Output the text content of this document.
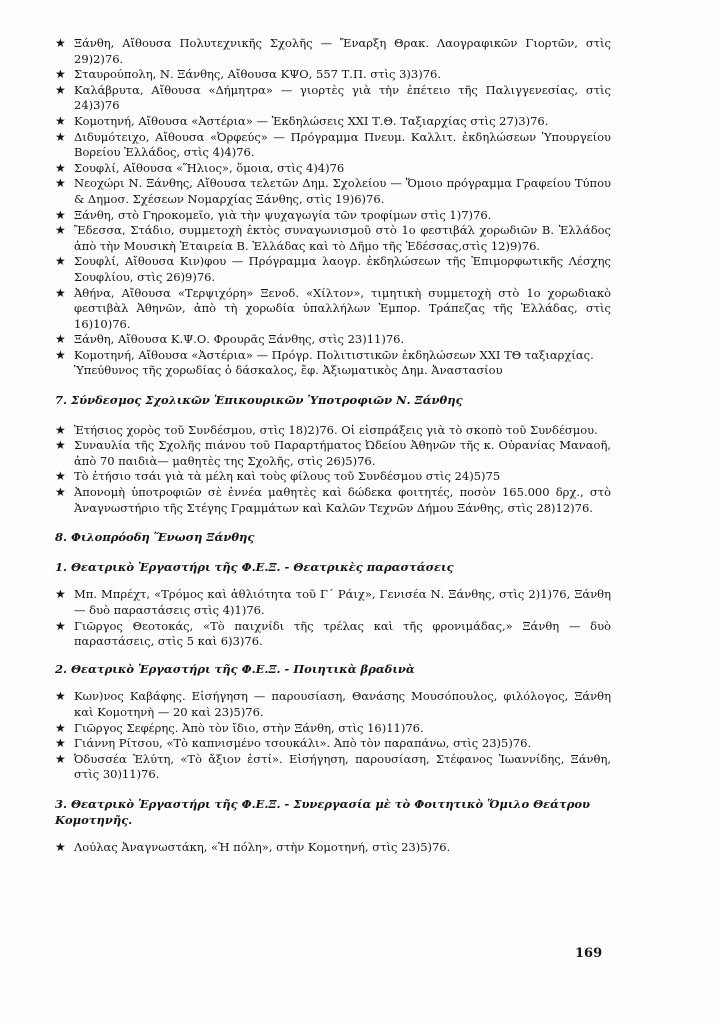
★ Ξάνθη, Αἴθουσα Πολυτεχνικῆς Σχολῆς — Ἔναρξη Θρακ. Λαογραφικῶν Γιορτῶν, στὶς 29)2)76.
★ Σταυρούπολη, Ν. Ξάνθης, Αἴθουσα ΚΨΟ, 557 Τ.Π. στὶς 3)3)76.
★ Καλάβρυτα, Αἴθουσα «Δήμητρα» — γιορτὲς γιὰ τὴν ἐπέτειο τῆς Παλιγγενεσίας, στὶς 24)3)76
★ Κομοτηνή, Αἴθουσα «Ἀστέρια» — Ἐκδηλώσεις ΧΧΙ Τ.Θ. Ταξιαρχίας στὶς 27)3)76.
★ Διδυμότειχο, Αἴθουσα «Ὀρφεύς» — Πρόγραμμα Πνευμ. Καλλιτ. ἐκδηλώσεων Ὑπουργείου Βορείου Ἑλλάδος, στὶς 4)4)76.
★ Σουφλί, Αἴθουσα «Ἥλιος», ὅμοια, στὶς 4)4)76
★ Νεοχώρι Ν. Ξάνθης, Αἴθουσα τελετῶν Δημ. Σχολείου — Ὅμοιο πρόγραμμα Γραφείου Τύπου & Δημοσ. Σχέσεων Νομαρχίας Ξάνθης, στὶς 19)6)76.
★ Ξάνθη, στὸ Γηροκομεῖο, γιὰ τὴν ψυχαγωγία τῶν τροφίμων στὶς 1)7)76.
★ Ἔδεσσα, Στάδιο, συμμετοχὴ ἐκτὸς συναγωνισμοῦ στὸ 1ο φεστιβάλ χορωδιῶν Β. Ἑλλάδος ἀπὸ τὴν Μουσικὴ Ἑταιρεία Β. Ἑλλάδας καὶ τὸ Δῆμο τῆς Ἐδέσσας,στὶς 12)9)76.
★ Σουφλί, Αἴθουσα Κιν)φου — Πρόγραμμα λαογρ. ἐκδηλώσεων τῆς Ἐπιμορφωτικῆς Λέσχης Σουφλίου, στὶς 26)9)76.
★ Ἀθήνα, Αἴθουσα «Τερψιχόρη» Ξενοδ. «Χίλτον», τιμητικὴ συμμετοχὴ στὸ 1ο χορωδιακὸ φεστιβὰλ Ἀθηνῶν, ἀπὸ τὴ χορωδία ὑπαλλήλων Ἐμπορ. Τράπεζας τῆς Ἑλλάδας, στὶς 16)10)76.
★ Ξάνθη, Αἴθουσα Κ.Ψ.Ο. Φρουρᾶς Ξάνθης, στὶς 23)11)76.
★ Κομοτηνή, Αἴθουσα «Ἀστέρια» — Πρόγρ. Πολιτιστικῶν ἐκδηλώσεων ΧΧΙ ΤΘ ταξιαρχίας.
Ὑπεύθυνος τῆς χορωδίας ὁ δάσκαλος, ἔφ. Ἀξιωματικὸς Δημ. Ἀναστασίου
7. Σύνδεσμος Σχολικῶν Ἐπικουρικῶν Ὑποτροφιῶν Ν. Ξάνθης
★ Ἐτήσιος χορὸς τοῦ Συνδέσμου, στὶς 18)2)76. Οἱ εἰσπράξεις γιὰ τὸ σκοπὸ τοῦ Συνδέσμου.
★ Συναυλία τῆς Σχολῆς πιάνου τοῦ Παραρτήματος Ὠδείου Ἀθηνῶν τῆς κ. Οὐρανίας Μαναοῆ, ἀπὸ 70 παιδιὰ— μαθητὲς της Σχολῆς, στὶς 26)5)76.
★ Τὸ ἐτήσιο τσάι γιὰ τὰ μέλη καὶ τοὺς φίλους τοῦ Συνδέσμου στὶς 24)5)75
★ Ἀπονομὴ ὑποτροφιῶν σὲ ἐννέα μαθητὲς καὶ δώδεκα φοιτητές, ποσὸν 165.000 δρχ., στὸ Ἀναγνωστήριο τῆς Στέγης Γραμμάτων καὶ Καλῶν Τεχνῶν Δήμου Ξάνθης, στὶς 28)12)76.
8. Φιλοπρόοδη Ἕνωση Ξάνθης
1. Θεατρικὸ Ἐργαστήρι τῆς Φ.Ε.Ξ. - Θεατρικὲς παραστάσεις
★ Μπ. Μπρέχτ, «Τρόμος καὶ ἀθλιότητα τοῦ Γ΄ Ράιχ», Γενισέα Ν. Ξάνθης, στὶς 2)1)76, Ξάνθη — δυὸ παραστάσεις στὶς 4)1)76.
★ Γιῶργος Θεοτοκάς, «Τὸ παιχνίδι τῆς τρέλας καὶ τῆς φρονιμάδας,» Ξάνθη — δυὸ παραστάσεις, στὶς 5 καὶ 6)3)76.
2. Θεατρικὸ Ἐργαστήρι τῆς Φ.Ε.Ξ. - Ποιητικὰ βραδινὰ
★ Κων)νος Καβάφης. Εἰσήγηση — παρουσίαση, Θανάσης Μουσόπουλος, φιλόλογος, Ξάνθη καὶ Κομοτηνὴ — 20 καὶ 23)5)76.
★ Γιῶργος Σεφέρης. Ἀπὸ τὸν ἴδιο, στὴν Ξάνθη, στὶς 16)11)76.
★ Γιάννη Ρίτσου, «Τὸ καπνισμένο τσουκάλι». Ἀπὸ τὸν παραπάνω, στὶς 23)5)76.
★ Ὀδυσσέα Ἐλύτη, «Τὸ ἄξιον ἐστί». Εἰσήγηση, παρουσίαση, Στέφανος Ἰωαννίδης, Ξάνθη, στὶς 30)11)76.
3. Θεατρικὸ Ἐργαστήρι τῆς Φ.Ε.Ξ. - Συνεργασία μὲ τὸ Φοιτητικὸ Ὅμιλο Θεάτρου Κομοτηνῆς.
★ Λούλας Ἀναγνωστάκη, «Ἡ πόλη», στὴν Κομοτηνή, στὶς 23)5)76.
169
